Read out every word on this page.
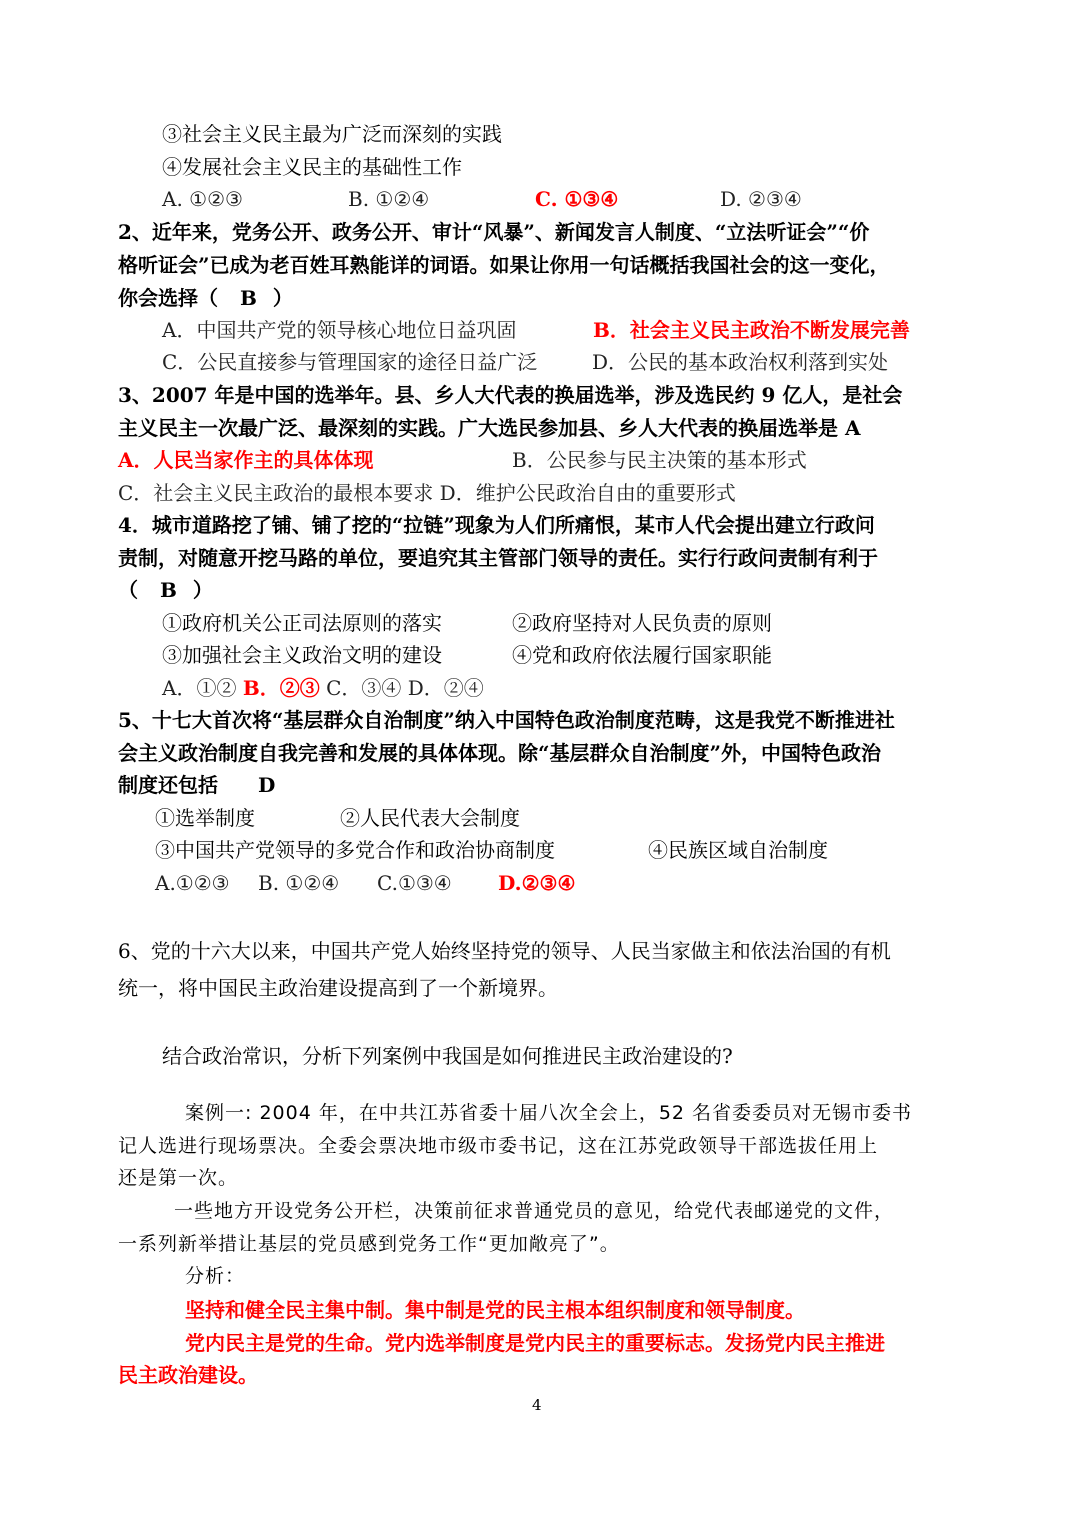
③社会主义民主最为广泛而深刻的实践
④发展社会主义民主的基础性工作
A. ①②③	B. ①②④	C. ①③④	D. ②③④
2、近年来，党务公开、政务公开、审计“风暴”、新闻发言人制度、“立法听证会”“价
格听证会”已成为老百姓耳熟能详的词语。如果让你用一句话概括我国社会的这一变化，
你会选择（ B ）
A．中国共产党的领导核心地位日益巩固	B．社会主义民主政治不断发展完善
C．公民直接参与管理国家的途径日益广泛	D．公民的基本政治权利落到实处
3、2007 年是中国的选举年。县、乡人大代表的换届选举，涉及选民约 9 亿人，是社会
主义民主一次最广泛、最深刻的实践。广大选民参加县、乡人大代表的换届选举是 A
A．人民当家作主的具体体现	B．公民参与民主决策的基本形式
C．社会主义民主政治的最根本要求 D．维护公民政治自由的重要形式
4．城市道路挖了铺、铺了挖的“拉链”现象为人们所痛恨，某市人代会提出建立行政问
责制，对随意开挖马路的单位，要追究其主管部门领导的责任。实行行政问责制有利于
（ B ）
①政府机关公正司法原则的落实	②政府坚持对人民负责的原则
③加强社会主义政治文明的建设	④党和政府依法履行国家职能
A．①② B．②③ C．③④ D．②④
5、十七大首次将“基层群众自治制度”纳入中国特色政治制度范畴，这是我党不断推进社
会主义政治制度自我完善和发展的具体体现。除“基层群众自治制度”外，中国特色政治
制度还包括 D
①选举制度	②人民代表大会制度
③中国共产党领导的多党合作和政治协商制度	④民族区域自治制度
A.①②③ B. ①②④ C.①③④ D.②③④
6、党的十六大以来，中国共产党人始终坚持党的领导、人民当家做主和依法治国的有机
统一，将中国民主政治建设提高到了一个新境界。
结合政治常识，分析下列案例中我国是如何推进民主政治建设的?
案例一: 2004 年，在中共江苏省委十届八次全会上，52 名省委委员对无锡市委书
记人选进行现场票决。全委会票决地市级市委书记，这在江苏党政领导干部选拔任用上
还是第一次。
一些地方开设党务公开栏，决策前征求普通党员的意见，给党代表邮递党的文件，
一系列新举措让基层的党员感到党务工作“更加敞亮了”。
分析：
坚持和健全民主集中制。集中制是党的民主根本组织制度和领导制度。
党内民主是党的生命。党内选举制度是党内民主的重要标志。发扬党内民主推进
民主政治建设。
4
